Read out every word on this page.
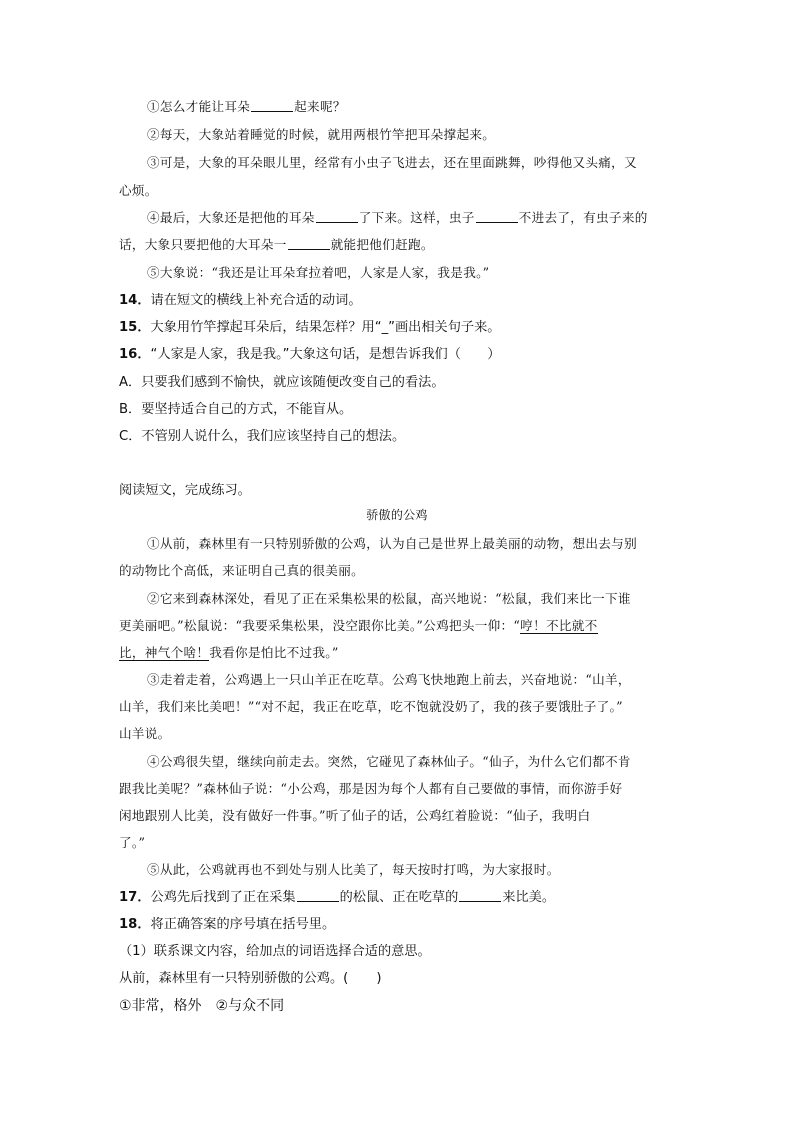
①怎么才能让耳朵	起来呢？
②每天，大象站着睡觉的时候，就用两根竹竿把耳朵撑起来。
③可是，大象的耳朵眼儿里，经常有小虫子飞进去，还在里面跳舞，吵得他又头痛，又
心烦。
④最后，大象还是把他的耳朵	了下来。这样，虫子	不进去了，有虫子来的
话，大象只要把他的大耳朵一	就能把他们赶跑。
⑤大象说：“我还是让耳朵耷拉着吧，人家是人家，我是我。”
14．请在短文的横线上补充合适的动词。
15．大象用竹竿撑起耳朵后，结果怎样？用“_”画出相关句子来。
16．“人家是人家，我是我。”大象这句话，是想告诉我们（　　）
A．只要我们感到不愉快，就应该随便改变自己的看法。
B．要坚持适合自己的方式，不能盲从。
C．不管别人说什么，我们应该坚持自己的想法。
阅读短文，完成练习。
骄傲的公鸡
①从前，森林里有一只特别骄傲的公鸡，认为自己是世界上最美丽的动物，想出去与别
的动物比个高低，来证明自己真的很美丽。
②它来到森林深处，看见了正在采集松果的松鼠，高兴地说：“松鼠，我们来比一下谁
更美丽吧。”松鼠说：“我要采集松果，没空跟你比美。”公鸡把头一仰：“哼！不比就不
比，神气个啥！我看你是怕比不过我。”
③走着走着，公鸡遇上一只山羊正在吃草。公鸡飞快地跑上前去，兴奋地说：“山羊，
山羊，我们来比美吧！”“对不起，我正在吃草，吃不饱就没奶了，我的孩子要饿肚子了。”
山羊说。
④公鸡很失望，继续向前走去。突然，它碰见了森林仙子。“仙子，为什么它们都不肯
跟我比美呢？”森林仙子说：“小公鸡，那是因为每个人都有自己要做的事情，而你游手好
闲地跟别人比美，没有做好一件事。”听了仙子的话，公鸡红着脸说：“仙子，我明白
了。”
⑤从此，公鸡就再也不到处与别人比美了，每天按时打鸣，为大家报时。
17．公鸡先后找到了正在采集	的松鼠、正在吃草的	来比美。
18．将正确答案的序号填在括号里。
（1）联系课文内容，给加点的词语选择合适的意思。
从前，森林里有一只特别骄傲的公鸡。( )
①非常，格外　②与众不同
